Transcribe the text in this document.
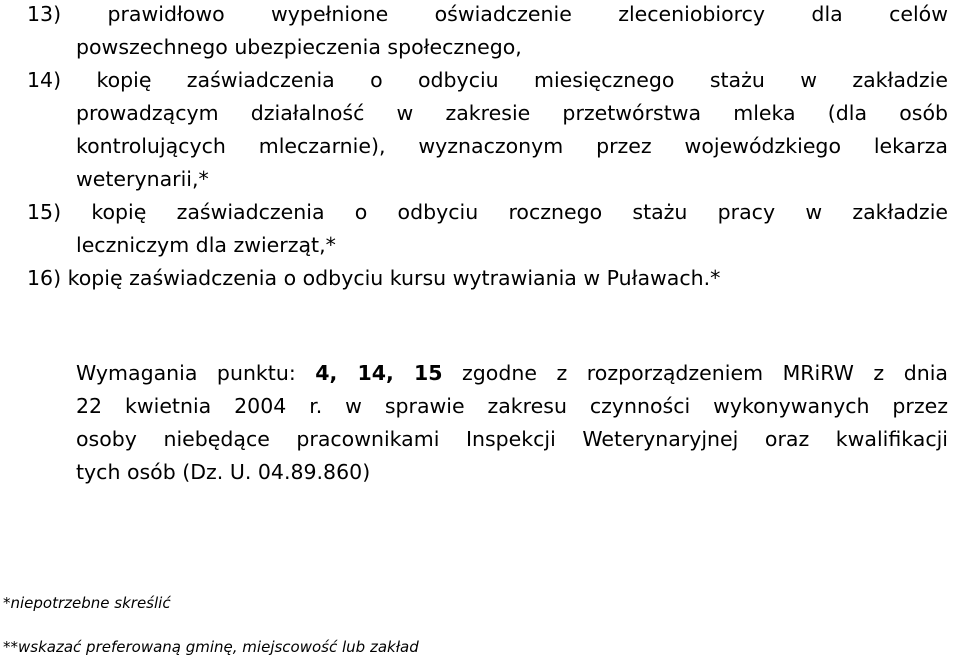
13) prawidłowo wypełnione oświadczenie zleceniobiorcy dla celów
powszechnego ubezpieczenia społecznego,
14) kopię zaświadczenia o odbyciu miesięcznego stażu w zakładzie
prowadzącym działalność w zakresie przetwórstwa mleka (dla osób
kontrolujących mleczarnie), wyznaczonym przez wojewódzkiego lekarza
weterynarii,*
15) kopię zaświadczenia o odbyciu rocznego stażu pracy w zakładzie
leczniczym dla zwierząt,*
16) kopię zaświadczenia o odbyciu kursu wytrawiania w Puławach.*
Wymagania punktu: 4, 14, 15 zgodne z rozporządzeniem MRiRW z dnia
22 kwietnia 2004 r. w sprawie zakresu czynności wykonywanych przez
osoby niebędące pracownikami Inspekcji Weterynaryjnej oraz kwalifikacji
tych osób (Dz. U. 04.89.860)
*niepotrzebne skreślić
**wskazać preferowaną gminę, miejscowość lub zakład
